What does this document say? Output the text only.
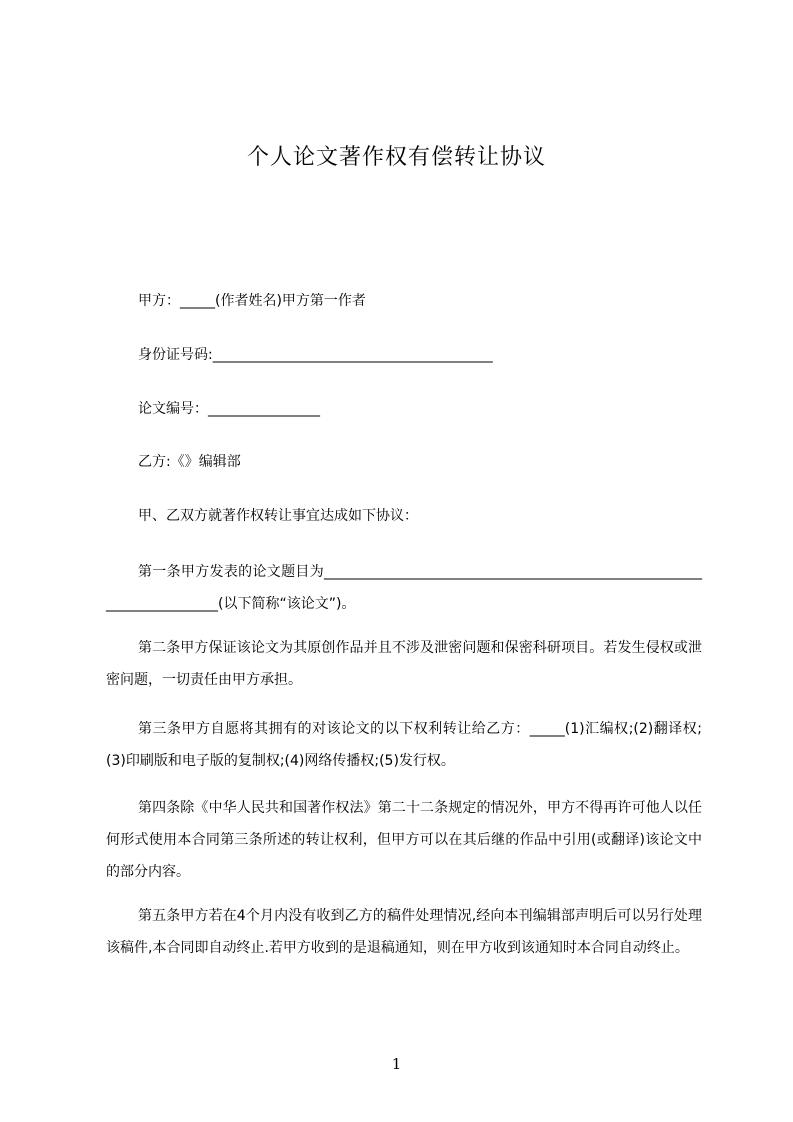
个人论文著作权有偿转让协议
甲方：_____(作者姓名)甲方第一作者
身份证号码:________________________________________
论文编号：________________
乙方:《》编辑部
甲、乙双方就著作权转让事宜达成如下协议：
第一条甲方发表的论文题目为______________________________________________________________________(以下简称“该论文”)。
第二条甲方保证该论文为其原创作品并且不涉及泄密问题和保密科研项目。若发生侵权或泄密问题，一切责任由甲方承担。
第三条甲方自愿将其拥有的对该论文的以下权利转让给乙方：_____(1)汇编权;(2)翻译权;(3)印刷版和电子版的复制权;(4)网络传播权;(5)发行权。
第四条除《中华人民共和国著作权法》第二十二条规定的情况外，甲方不得再许可他人以任何形式使用本合同第三条所述的转让权利，但甲方可以在其后继的作品中引用(或翻译)该论文中的部分内容。
第五条甲方若在4个月内没有收到乙方的稿件处理情况,经向本刊编辑部声明后可以另行处理该稿件,本合同即自动终止.若甲方收到的是退稿通知，则在甲方收到该通知时本合同自动终止。
1
